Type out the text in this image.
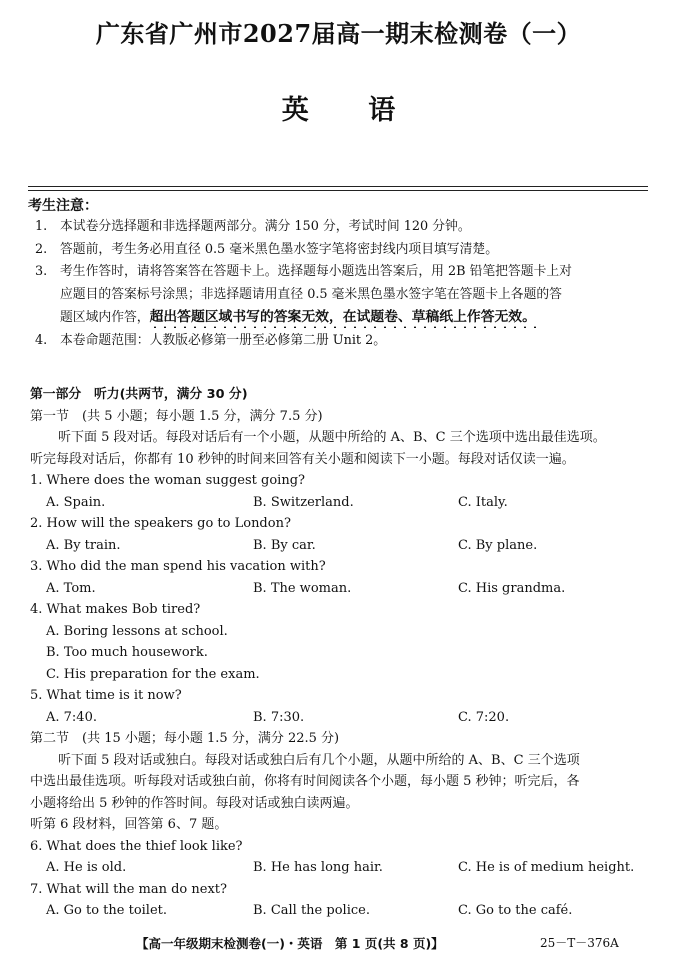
广东省广州市2027届高一期末检测卷（一）
英 语
考生注意：
1. 本试卷分选择题和非选择题两部分。满分 150 分，考试时间 120 分钟。
2. 答题前，考生务必用直径 0.5 毫米黑色墨水签字笔将密封线内项目填写清楚。
3. 考生作答时，请将答案答在答题卡上。选择题每小题选出答案后，用 2B 铅笔把答题卡上对
应题目的答案标号涂黑；非选择题请用直径 0.5 毫米黑色墨水签字笔在答题卡上各题的答
题区域内作答，超出答题区域书写的答案无效，在试题卷、草稿纸上作答无效。
4. 本卷命题范围：人教版必修第一册至必修第二册 Unit 2。
第一部分　听力(共两节，满分 30 分)
第一节　(共 5 小题；每小题 1.5 分，满分 7.5 分)
听下面 5 段对话。每段对话后有一个小题，从题中所给的 A、B、C 三个选项中选出最佳选项。
听完每段对话后，你都有 10 秒钟的时间来回答有关小题和阅读下一小题。每段对话仅读一遍。
1. Where does the woman suggest going?
A. Spain.	B. Switzerland.	C. Italy.
2. How will the speakers go to London?
A. By train.	B. By car.	C. By plane.
3. Who did the man spend his vacation with?
A. Tom.	B. The woman.	C. His grandma.
4. What makes Bob tired?
A. Boring lessons at school.
B. Too much housework.
C. His preparation for the exam.
5. What time is it now?
A. 7:40.	B. 7:30.	C. 7:20.
第二节　(共 15 小题；每小题 1.5 分，满分 22.5 分)
听下面 5 段对话或独白。每段对话或独白后有几个小题，从题中所给的 A、B、C 三个选项
中选出最佳选项。听每段对话或独白前，你将有时间阅读各个小题，每小题 5 秒钟；听完后，各
小题将给出 5 秒钟的作答时间。每段对话或独白读两遍。
听第 6 段材料，回答第 6、7 题。
6. What does the thief look like?
A. He is old.	B. He has long hair.	C. He is of medium height.
7. What will the man do next?
A. Go to the toilet.	B. Call the police.	C. Go to the café.
【高一年级期末检测卷(一)・英语　第 1 页(共 8 页)】	25－T－376A
